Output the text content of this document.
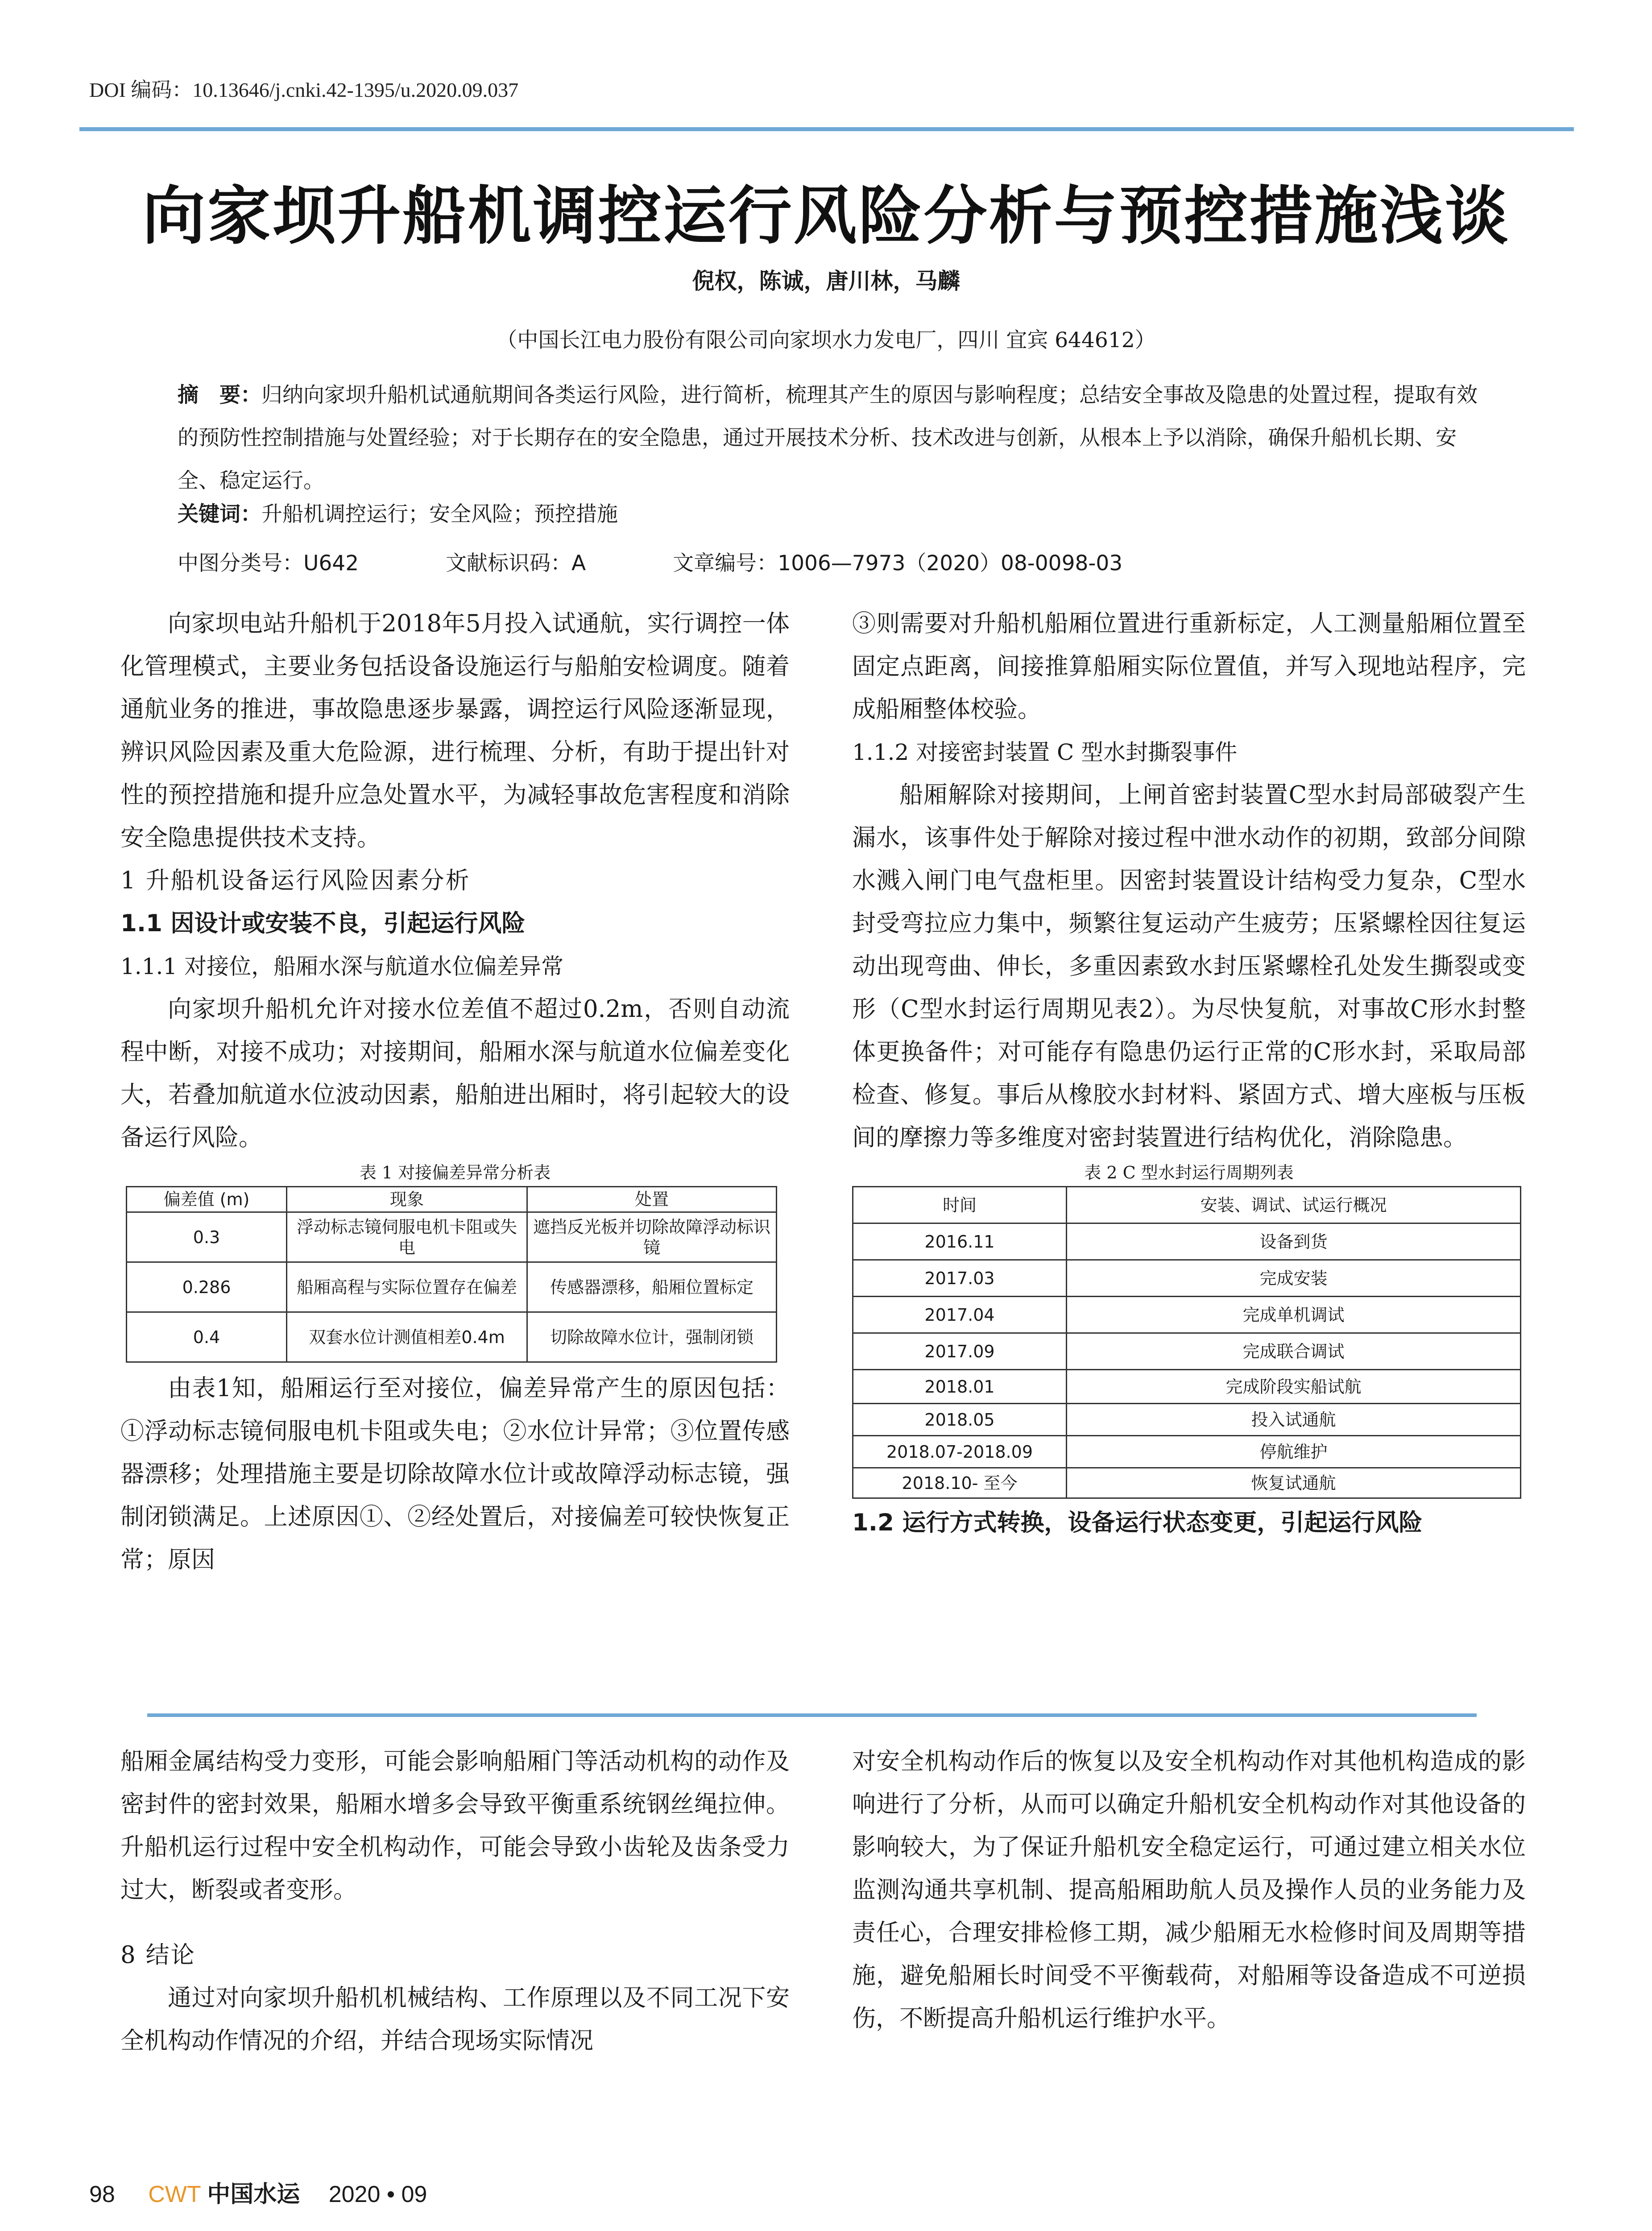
DOI 编码：10.13646/j.cnki.42-1395/u.2020.09.037
向家坝升船机调控运行风险分析与预控措施浅谈
倪权，陈诚，唐川林，马麟
（中国长江电力股份有限公司向家坝水力发电厂，四川 宜宾 644612）
摘　要：归纳向家坝升船机试通航期间各类运行风险，进行简析，梳理其产生的原因与影响程度；总结安全事故及隐患的处置过程，提取有效的预防性控制措施与处置经验；对于长期存在的安全隐患，通过开展技术分析、技术改进与创新，从根本上予以消除，确保升船机长期、安全、稳定运行。
关键词：升船机调控运行；安全风险；预控措施
中图分类号：U642	文献标识码：A	文章编号：1006—7973（2020）08-0098-03

向家坝电站升船机于2018年5月投入试通航，实行调控一体化管理模式，主要业务包括设备设施运行与船舶安检调度。随着通航业务的推进，事故隐患逐步暴露，调控运行风险逐渐显现，辨识风险因素及重大危险源，进行梳理、分析，有助于提出针对性的预控措施和提升应急处置水平，为减轻事故危害程度和消除安全隐患提供技术支持。

1 升船机设备运行风险因素分析

1.1 因设计或安装不良，引起运行风险

1.1.1 对接位，船厢水深与航道水位偏差异常

向家坝升船机允许对接水位差值不超过0.2m，否则自动流程中断，对接不成功；对接期间，船厢水深与航道水位偏差变化大，若叠加航道水位波动因素，船舶进出厢时，将引起较大的设备运行风险。

表 1 对接偏差异常分析表

偏差值 (m)	现象	处置
0.3	浮动标志镜伺服电机卡阻或失电	遮挡反光板并切除故障浮动标识镜
0.286	船厢高程与实际位置存在偏差	传感器漂移，船厢位置标定
0.4	双套水位计测值相差0.4m	切除故障水位计，强制闭锁

由表1知，船厢运行至对接位，偏差异常产生的原因包括：①浮动标志镜伺服电机卡阻或失电；②水位计异常；③位置传感器漂移；处理措施主要是切除故障水位计或故障浮动标志镜，强制闭锁满足。上述原因①、②经处置后，对接偏差可较快恢复正常；原因

③则需要对升船机船厢位置进行重新标定，人工测量船厢位置至固定点距离，间接推算船厢实际位置值，并写入现地站程序，完成船厢整体校验。

1.1.2 对接密封装置 C 型水封撕裂事件

船厢解除对接期间，上闸首密封装置C型水封局部破裂产生漏水，该事件处于解除对接过程中泄水动作的初期，致部分间隙水溅入闸门电气盘柜里。因密封装置设计结构受力复杂，C型水封受弯拉应力集中，频繁往复运动产生疲劳；压紧螺栓因往复运动出现弯曲、伸长，多重因素致水封压紧螺栓孔处发生撕裂或变形（C型水封运行周期见表2）。为尽快复航，对事故C形水封整体更换备件；对可能存有隐患仍运行正常的C形水封，采取局部检查、修复。事后从橡胶水封材料、紧固方式、增大座板与压板间的摩擦力等多维度对密封装置进行结构优化，消除隐患。

表 2 C 型水封运行周期列表

时间	安装、调试、试运行概况
2016.11	设备到货
2017.03	完成安装
2017.04	完成单机调试
2017.09	完成联合调试
2018.01	完成阶段实船试航
2018.05	投入试通航
2018.07-2018.09	停航维护
2018.10- 至今	恢复试通航

1.2 运行方式转换，设备运行状态变更，引起运行风险

船厢金属结构受力变形，可能会影响船厢门等活动机构的动作及密封件的密封效果，船厢水增多会导致平衡重系统钢丝绳拉伸。升船机运行过程中安全机构动作，可能会导致小齿轮及齿条受力过大，断裂或者变形。

8 结论

通过对向家坝升船机机械结构、工作原理以及不同工况下安全机构动作情况的介绍，并结合现场实际情况

对安全机构动作后的恢复以及安全机构动作对其他机构造成的影响进行了分析，从而可以确定升船机安全机构动作对其他设备的影响较大，为了保证升船机安全稳定运行，可通过建立相关水位监测沟通共享机制、提高船厢助航人员及操作人员的业务能力及责任心，合理安排检修工期，减少船厢无水检修时间及周期等措施，避免船厢长时间受不平衡载荷，对船厢等设备造成不可逆损伤，不断提高升船机运行维护水平。

98 CWT 中国水运 2020 • 09
